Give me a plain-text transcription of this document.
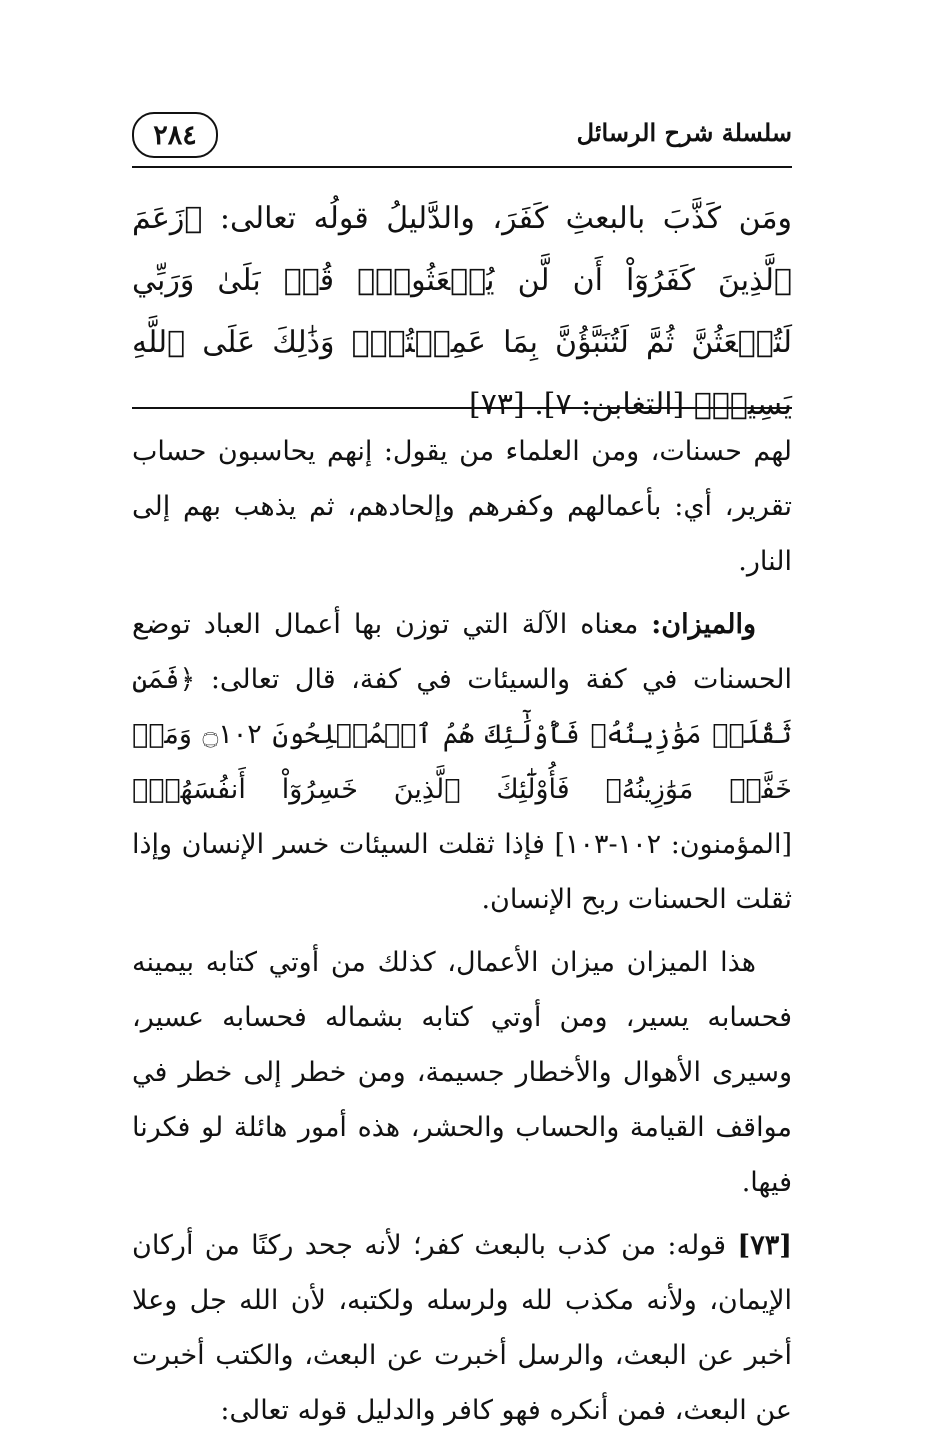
٢٨٤	سلسلة شرح الرسائل

ومَن كَذَّبَ بالبعثِ كَفَرَ، والدَّليلُ قولُه تعالى: ﴿زَعَمَ ٱلَّذِينَ كَفَرُوٓاْ أَن لَّن يُبۡعَثُواْۚ قُلۡ بَلَىٰ وَرَبِّي لَتُبۡعَثُنَّ ثُمَّ لَتُنَبَّؤُنَّ بِمَا عَمِلۡتُمۡۚ وَذَٰلِكَ عَلَى ٱللَّهِ يَسِيرٞ﴾ [التغابن: ٧]. [٧٣]

لهم حسنات، ومن العلماء من يقول: إنهم يحاسبون حساب تقرير، أي: بأعمالهم وكفرهم وإلحادهم، ثم يذهب بهم إلى النار.

والميزان: معناه الآلة التي توزن بها أعمال العباد توضع الحسنات في كفة والسيئات في كفة، قال تعالى: ﴿فَمَن ثَقُلَتۡ مَوَٰزِينُهُۥ فَأُوْلَٰٓئِكَ هُمُ ٱلۡمُفۡلِحُونَ ۝١٠٢ وَمَنۡ خَفَّتۡ مَوَٰزِينُهُۥ فَأُوْلَٰٓئِكَ ٱلَّذِينَ خَسِرُوٓاْ أَنفُسَهُمۡ﴾ [المؤمنون: ١٠٢-١٠٣] فإذا ثقلت السيئات خسر الإنسان وإذا ثقلت الحسنات ربح الإنسان.

هذا الميزان ميزان الأعمال، كذلك من أوتي كتابه بيمينه فحسابه يسير، ومن أوتي كتابه بشماله فحسابه عسير، وسيرى الأهوال والأخطار جسيمة، ومن خطر إلى خطر في مواقف القيامة والحساب والحشر، هذه أمور هائلة لو فكرنا فيها.

[٧٣] قوله: من كذب بالبعث كفر؛ لأنه جحد ركنًا من أركان الإيمان، ولأنه مكذب لله ولرسله ولكتبه، لأن الله جل وعلا أخبر عن البعث، والرسل أخبرت عن البعث، والكتب أخبرت عن البعث، فمن أنكره فهو كافر والدليل قوله تعالى:
